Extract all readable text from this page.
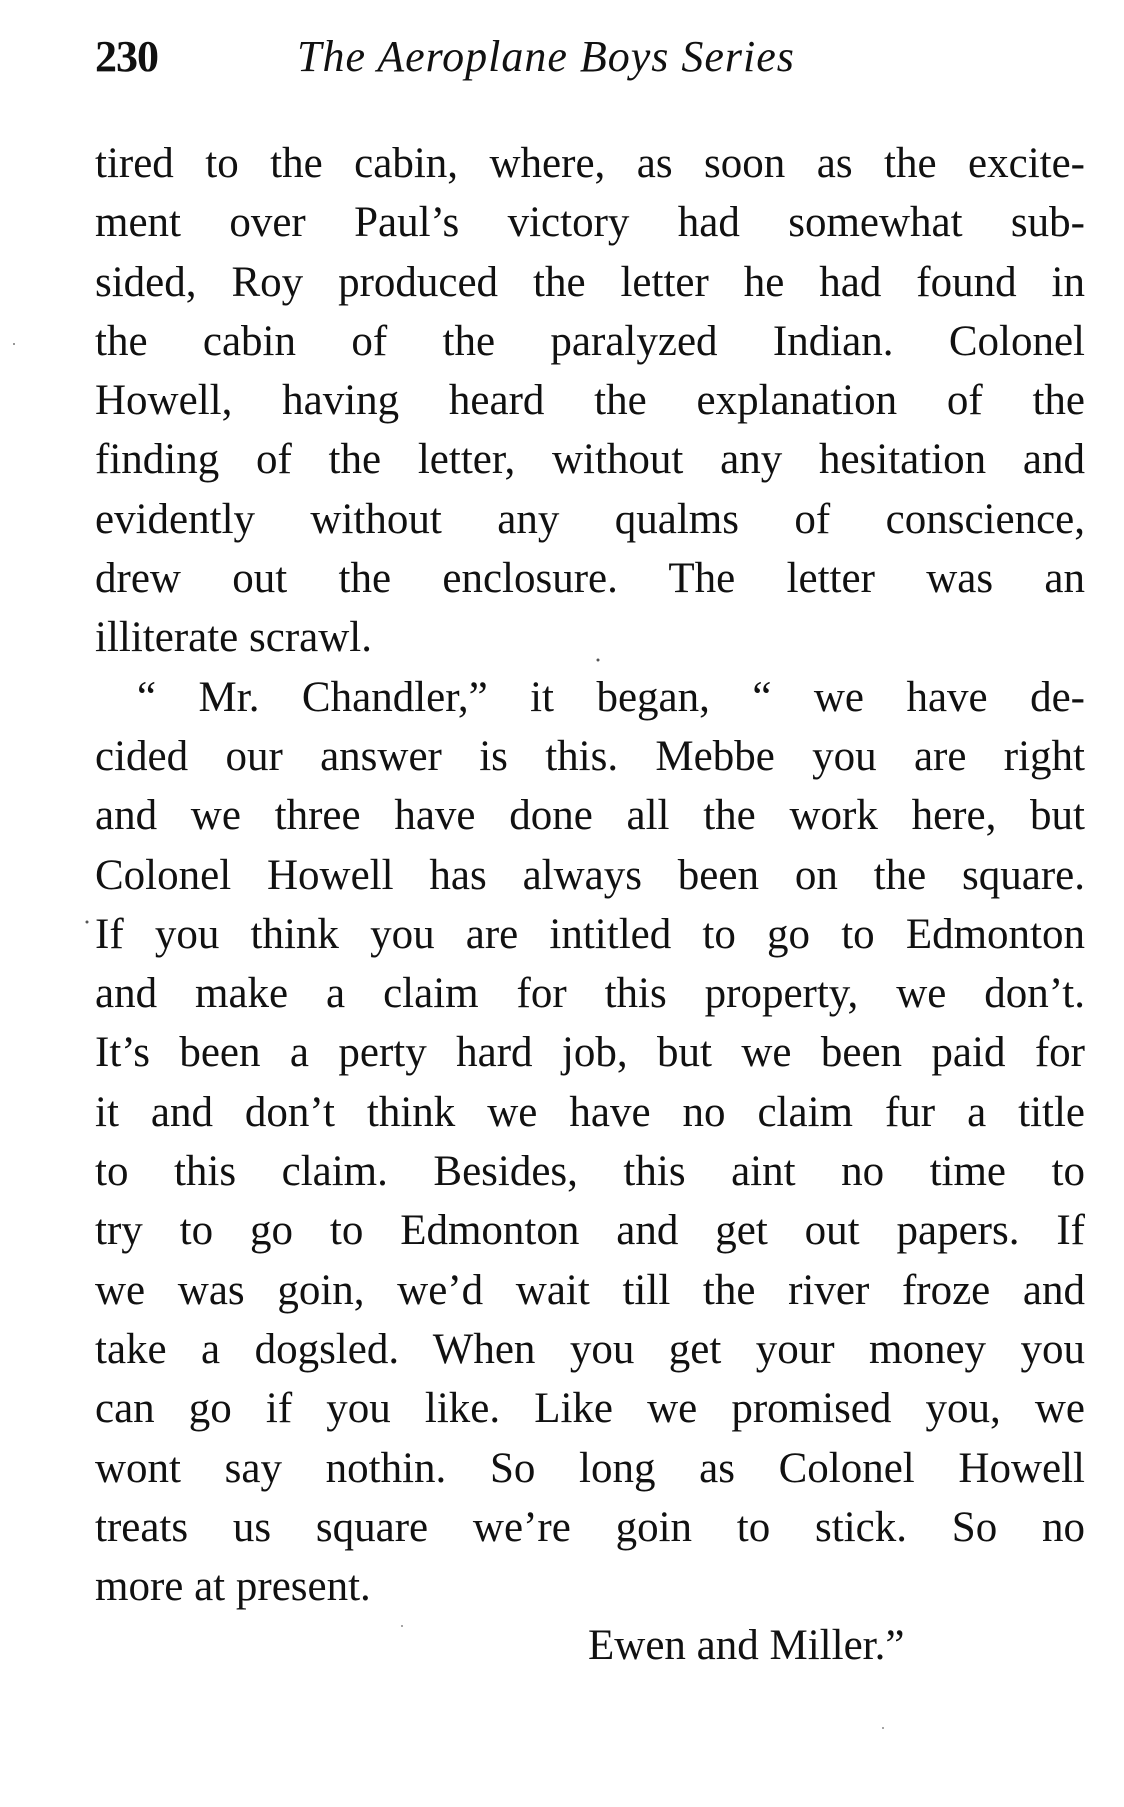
230	The Aeroplane Boys Series
tired to the cabin, where, as soon as the excite-
ment over Paul’s victory had somewhat sub-
sided, Roy produced the letter he had found in
the cabin of the paralyzed Indian. Colonel
Howell, having heard the explanation of the
finding of the letter, without any hesitation and
evidently without any qualms of conscience,
drew out the enclosure. The letter was an
illiterate scrawl.
“ Mr. Chandler,” it began, “ we have de-
cided our answer is this. Mebbe you are right
and we three have done all the work here, but
Colonel Howell has always been on the square.
If you think you are intitled to go to Edmonton
and make a claim for this property, we don’t.
It’s been a perty hard job, but we been paid for
it and don’t think we have no claim fur a title
to this claim. Besides, this aint no time to
try to go to Edmonton and get out papers. If
we was goin, we’d wait till the river froze and
take a dogsled. When you get your money you
can go if you like. Like we promised you, we
wont say nothin. So long as Colonel Howell
treats us square we’re goin to stick. So no
more at present.
Ewen and Miller.”
